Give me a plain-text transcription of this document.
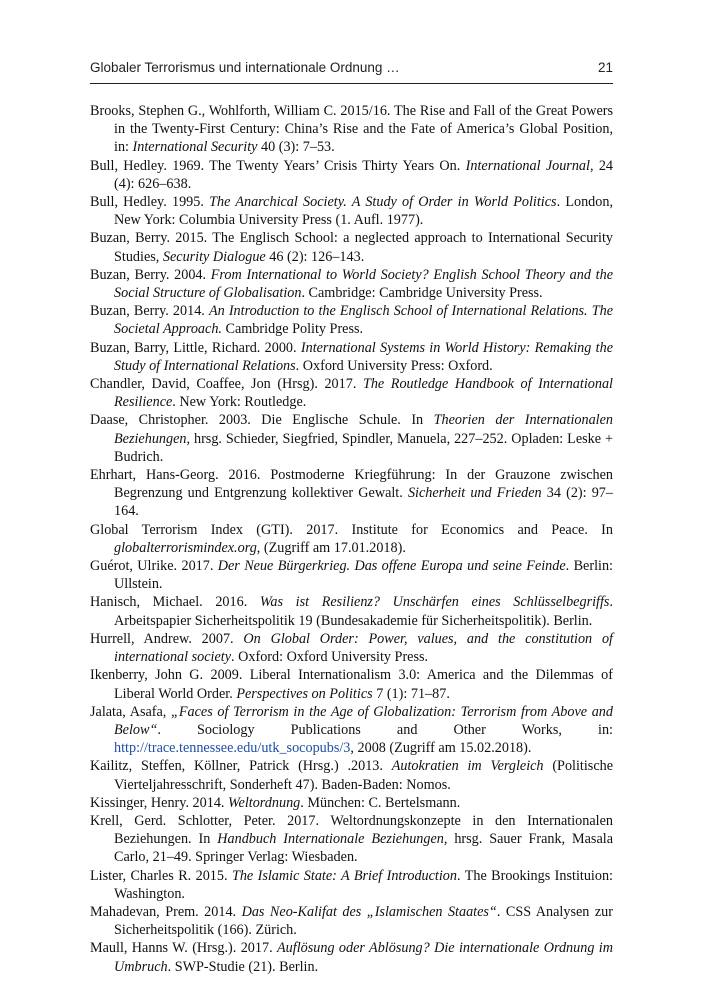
Globaler Terrorismus und internationale Ordnung …	21

Brooks, Stephen G., Wohlforth, William C. 2015/16. The Rise and Fall of the Great Powers in the Twenty-First Century: China’s Rise and the Fate of America’s Global Position, in: International Security 40 (3): 7–53.

Bull, Hedley. 1969. The Twenty Years’ Crisis Thirty Years On. International Journal, 24 (4): 626–638.

Bull, Hedley. 1995. The Anarchical Society. A Study of Order in World Politics. London, New York: Columbia University Press (1. Aufl. 1977).

Buzan, Berry. 2015. The Englisch School: a neglected approach to International Security Studies, Security Dialogue 46 (2): 126–143.

Buzan, Berry. 2004. From International to World Society? English School Theory and the Social Structure of Globalisation. Cambridge: Cambridge University Press.

Buzan, Berry. 2014. An Introduction to the Englisch School of International Relations. The Societal Approach. Cambridge Polity Press.

Buzan, Barry, Little, Richard. 2000. International Systems in World History: Remaking the Study of International Relations. Oxford University Press: Oxford.

Chandler, David, Coaffee, Jon (Hrsg). 2017. The Routledge Handbook of International Resilience. New York: Routledge.

Daase, Christopher. 2003. Die Englische Schule. In Theorien der Internationalen Beziehungen, hrsg. Schieder, Siegfried, Spindler, Manuela, 227–252. Opladen: Leske + Budrich.

Ehrhart, Hans-Georg. 2016. Postmoderne Kriegführung: In der Grauzone zwischen Begrenzung und Entgrenzung kollektiver Gewalt. Sicherheit und Frieden 34 (2): 97–164.

Global Terrorism Index (GTI). 2017. Institute for Economics and Peace. In globalterrorismindex.org, (Zugriff am 17.01.2018).

Guérot, Ulrike. 2017. Der Neue Bürgerkrieg. Das offene Europa und seine Feinde. Berlin: Ullstein.

Hanisch, Michael. 2016. Was ist Resilienz? Unschärfen eines Schlüsselbegriffs. Arbeitspapier Sicherheitspolitik 19 (Bundesakademie für Sicherheitspolitik). Berlin.

Hurrell, Andrew. 2007. On Global Order: Power, values, and the constitution of international society. Oxford: Oxford University Press.

Ikenberry, John G. 2009. Liberal Internationalism 3.0: America and the Dilemmas of Liberal World Order. Perspectives on Politics 7 (1): 71–87.

Jalata, Asafa, „Faces of Terrorism in the Age of Globalization: Terrorism from Above and Below“. Sociology Publications and Other Works, in: http://trace.tennessee.edu/utk_socopubs/3, 2008 (Zugriff am 15.02.2018).

Kailitz, Steffen, Köllner, Patrick (Hrsg.) .2013. Autokratien im Vergleich (Politische Vierteljahresschrift, Sonderheft 47). Baden-Baden: Nomos.

Kissinger, Henry. 2014. Weltordnung. München: C. Bertelsmann.

Krell, Gerd. Schlotter, Peter. 2017. Weltordnungskonzepte in den Internationalen Beziehungen. In Handbuch Internationale Beziehungen, hrsg. Sauer Frank, Masala Carlo, 21–49. Springer Verlag: Wiesbaden.

Lister, Charles R. 2015. The Islamic State: A Brief Introduction. The Brookings Instituion: Washington.

Mahadevan, Prem. 2014. Das Neo-Kalifat des „Islamischen Staates“. CSS Analysen zur Sicherheitspolitik (166). Zürich.

Maull, Hanns W. (Hrsg.). 2017. Auflösung oder Ablösung? Die internationale Ordnung im Umbruch. SWP-Studie (21). Berlin.
